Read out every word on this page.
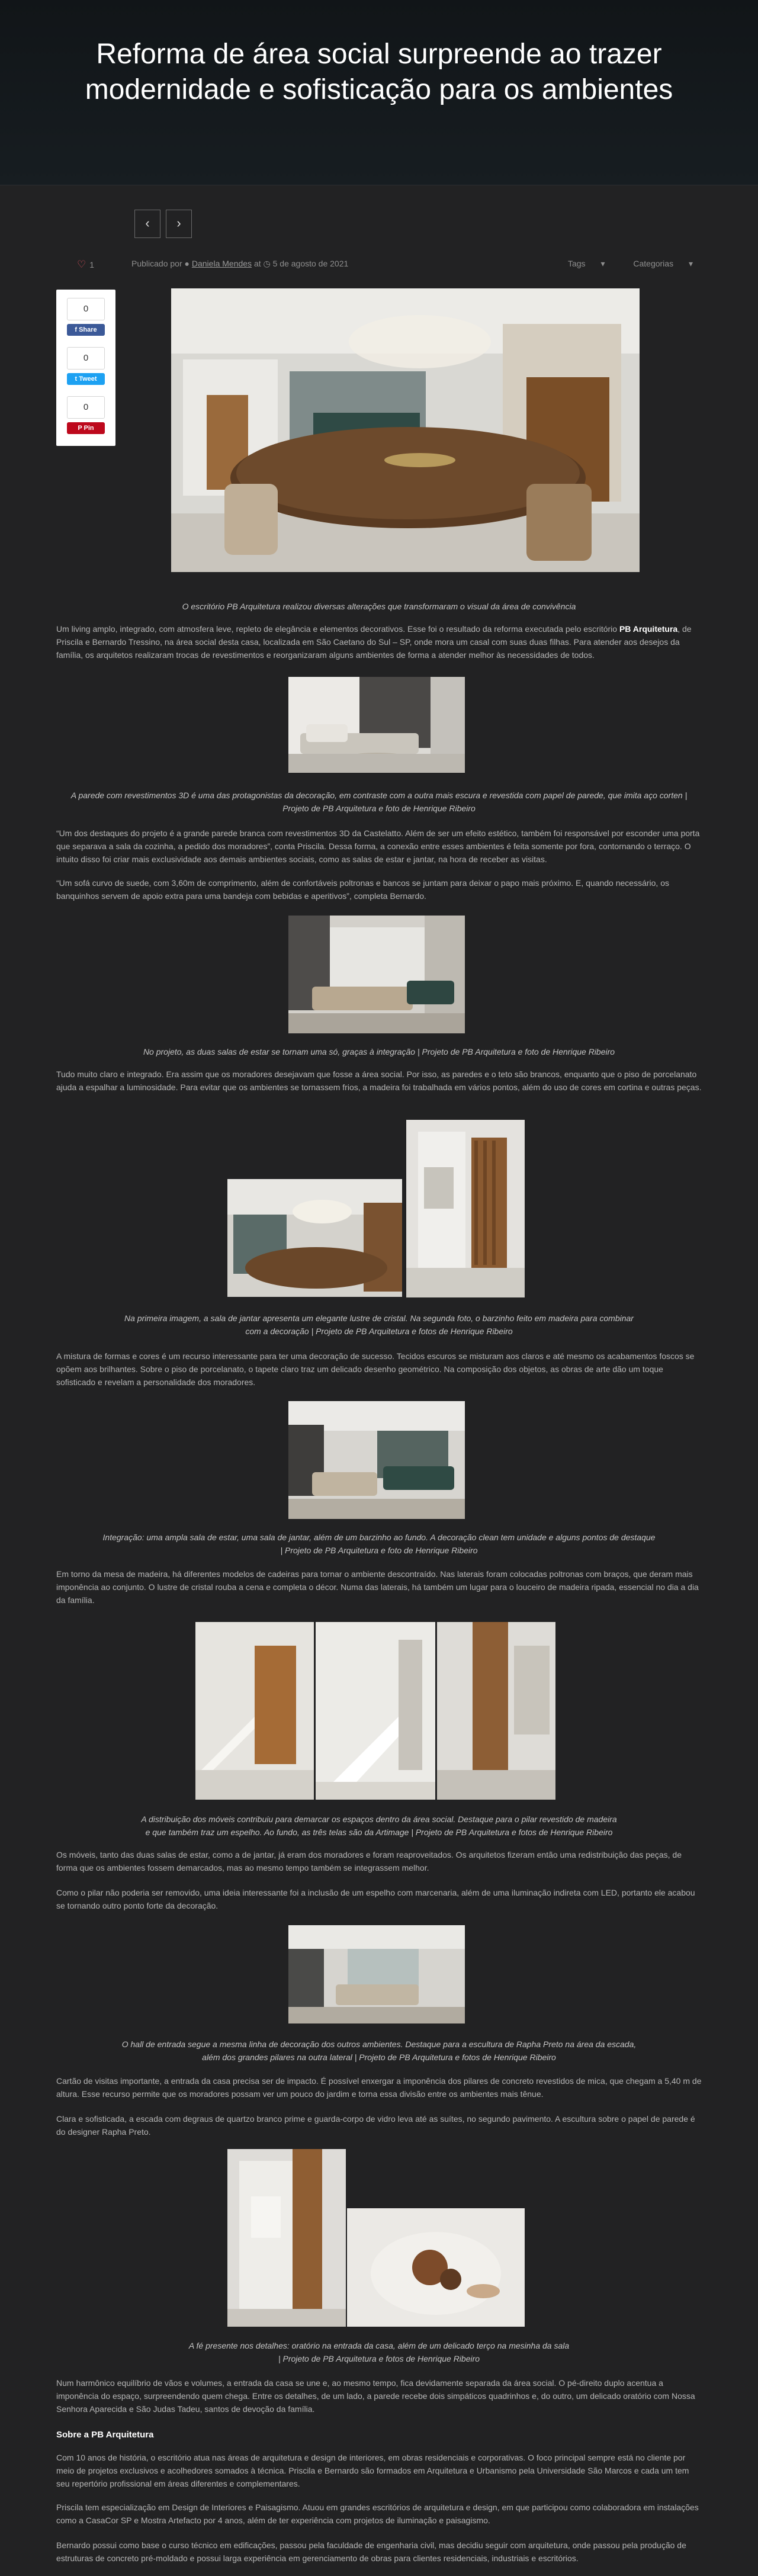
Reforma de área social surpreende ao trazer modernidade e sofisticação para os ambientes
‹	›
♡ 1	Publicado por ● Daniela Mendes at ◷ 5 de agosto de 2021	Tags ▾	Categorias ▾
0
f Share
0
t Tweet
0
P Pin
O escritório PB Arquitetura realizou diversas alterações que transformaram o visual da área de convivência
Um living amplo, integrado, com atmosfera leve, repleto de elegância e elementos decorativos. Esse foi o resultado da reforma executada pelo escritório PB Arquitetura, de Priscila e Bernardo Tressino, na área social desta casa, localizada em São Caetano do Sul – SP, onde mora um casal com suas duas filhas. Para atender aos desejos da família, os arquitetos realizaram trocas de revestimentos e reorganizaram alguns ambientes de forma a atender melhor às necessidades de todos.
A parede com revestimentos 3D é uma das protagonistas da decoração, em contraste com a outra mais escura e revestida com papel de parede, que imita aço corten |
Projeto de PB Arquitetura e foto de Henrique Ribeiro
“Um dos destaques do projeto é a grande parede branca com revestimentos 3D da Castelatto. Além de ser um efeito estético, também foi responsável por esconder uma porta que separava a sala da cozinha, a pedido dos moradores”, conta Priscila. Dessa forma, a conexão entre esses ambientes é feita somente por fora, contornando o terraço. O intuito disso foi criar mais exclusividade aos demais ambientes sociais, como as salas de estar e jantar, na hora de receber as visitas.
“Um sofá curvo de suede, com 3,60m de comprimento, além de confortáveis poltronas e bancos se juntam para deixar o papo mais próximo. E, quando necessário, os banquinhos servem de apoio extra para uma bandeja com bebidas e aperitivos”, completa Bernardo.
No projeto, as duas salas de estar se tornam uma só, graças à integração | Projeto de PB Arquitetura e foto de Henrique Ribeiro
Tudo muito claro e integrado. Era assim que os moradores desejavam que fosse a área social. Por isso, as paredes e o teto são brancos, enquanto que o piso de porcelanato ajuda a espalhar a luminosidade. Para evitar que os ambientes se tornassem frios, a madeira foi trabalhada em vários pontos, além do uso de cores em cortina e outras peças.
Na primeira imagem, a sala de jantar apresenta um elegante lustre de cristal. Na segunda foto, o barzinho feito em madeira para combinar
com a decoração | Projeto de PB Arquitetura e fotos de Henrique Ribeiro
A mistura de formas e cores é um recurso interessante para ter uma decoração de sucesso. Tecidos escuros se misturam aos claros e até mesmo os acabamentos foscos se opõem aos brilhantes. Sobre o piso de porcelanato, o tapete claro traz um delicado desenho geométrico. Na composição dos objetos, as obras de arte dão um toque sofisticado e revelam a personalidade dos moradores.
Integração: uma ampla sala de estar, uma sala de jantar, além de um barzinho ao fundo. A decoração clean tem unidade e alguns pontos de destaque
| Projeto de PB Arquitetura e foto de Henrique Ribeiro
Em torno da mesa de madeira, há diferentes modelos de cadeiras para tornar o ambiente descontraído. Nas laterais foram colocadas poltronas com braços, que deram mais imponência ao conjunto. O lustre de cristal rouba a cena e completa o décor. Numa das laterais, há também um lugar para o louceiro de madeira ripada, essencial no dia a dia da família.
A distribuição dos móveis contribuiu para demarcar os espaços dentro da área social. Destaque para o pilar revestido de madeira
e que também traz um espelho. Ao fundo, as três telas são da Artimage | Projeto de PB Arquitetura e fotos de Henrique Ribeiro
Os móveis, tanto das duas salas de estar, como a de jantar, já eram dos moradores e foram reaproveitados. Os arquitetos fizeram então uma redistribuição das peças, de forma que os ambientes fossem demarcados, mas ao mesmo tempo também se integrassem melhor.
Como o pilar não poderia ser removido, uma ideia interessante foi a inclusão de um espelho com marcenaria, além de uma iluminação indireta com LED, portanto ele acabou se tornando outro ponto forte da decoração.
O hall de entrada segue a mesma linha de decoração dos outros ambientes. Destaque para a escultura de Rapha Preto na área da escada,
além dos grandes pilares na outra lateral | Projeto de PB Arquitetura e fotos de Henrique Ribeiro
Cartão de visitas importante, a entrada da casa precisa ser de impacto. É possível enxergar a imponência dos pilares de concreto revestidos de mica, que chegam a 5,40 m de altura. Esse recurso permite que os moradores possam ver um pouco do jardim e torna essa divisão entre os ambientes mais tênue.
Clara e sofisticada, a escada com degraus de quartzo branco prime e guarda-corpo de vidro leva até as suítes, no segundo pavimento. A escultura sobre o papel de parede é do designer Rapha Preto.
A fé presente nos detalhes: oratório na entrada da casa, além de um delicado terço na mesinha da sala
| Projeto de PB Arquitetura e fotos de Henrique Ribeiro
Num harmônico equilíbrio de vãos e volumes, a entrada da casa se une e, ao mesmo tempo, fica devidamente separada da área social. O pé-direito duplo acentua a imponência do espaço, surpreendendo quem chega. Entre os detalhes, de um lado, a parede recebe dois simpáticos quadrinhos e, do outro, um delicado oratório com Nossa Senhora Aparecida e São Judas Tadeu, santos de devoção da família.
Sobre a PB Arquitetura
Com 10 anos de história, o escritório atua nas áreas de arquitetura e design de interiores, em obras residenciais e corporativas. O foco principal sempre está no cliente por meio de projetos exclusivos e acolhedores somados à técnica. Priscila e Bernardo são formados em Arquitetura e Urbanismo pela Universidade São Marcos e cada um tem seu repertório profissional em áreas diferentes e complementares.
Priscila tem especialização em Design de Interiores e Paisagismo. Atuou em grandes escritórios de arquitetura e design, em que participou como colaboradora em instalações como a CasaCor SP e Mostra Artefacto por 4 anos, além de ter experiência com projetos de iluminação e paisagismo.
Bernardo possui como base o curso técnico em edificações, passou pela faculdade de engenharia civil, mas decidiu seguir com arquitetura, onde passou pela produção de estruturas de concreto pré-moldado e possui larga experiência em gerenciamento de obras para clientes residenciais, industriais e escritórios.
